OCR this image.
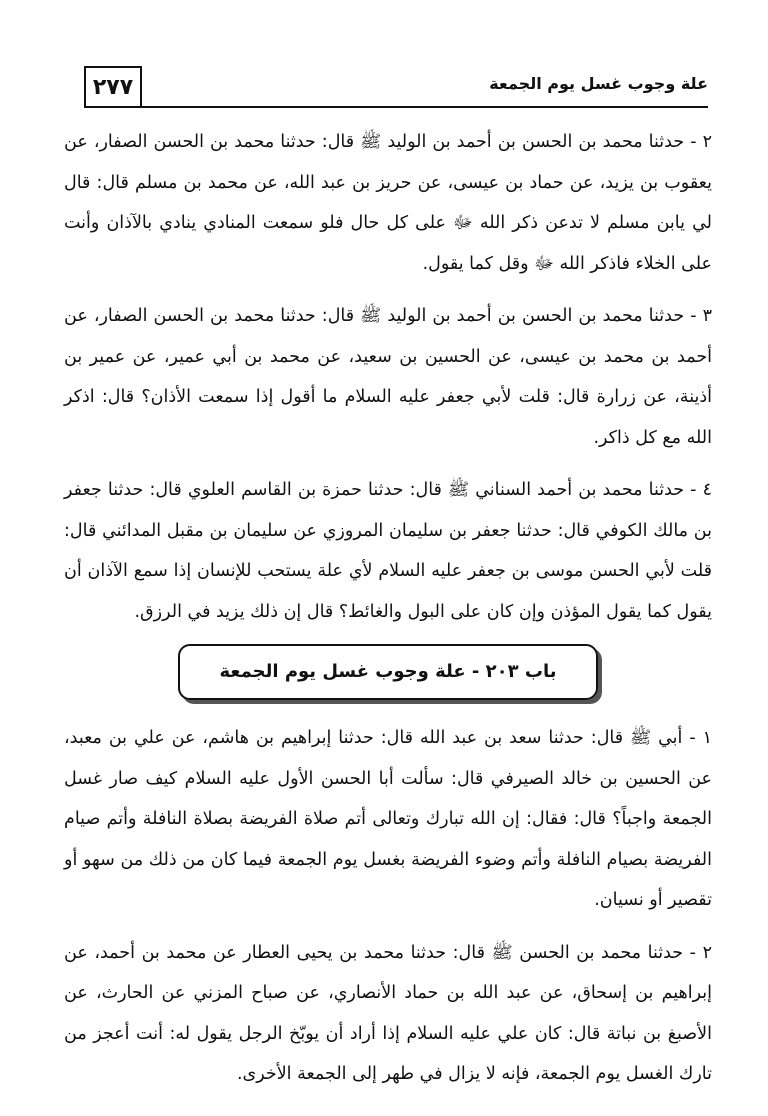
٢٧٧	علة وجوب غسل يوم الجمعة

٢ - حدثنا محمد بن الحسن بن أحمد بن الوليد ﷺ قال: حدثنا محمد بن الحسن الصفار، عن يعقوب بن يزيد، عن حماد بن عيسى، عن حريز بن عبد الله، عن محمد بن مسلم قال: قال لي يابن مسلم لا تدعن ذكر الله ﷻ على كل حال فلو سمعت المنادي ينادي بالآذان وأنت على الخلاء فاذكر الله ﷻ وقل كما يقول.

٣ - حدثنا محمد بن الحسن بن أحمد بن الوليد ﷺ قال: حدثنا محمد بن الحسن الصفار، عن أحمد بن محمد بن عيسى، عن الحسين بن سعيد، عن محمد بن أبي عمير، عن عمير بن أذينة، عن زرارة قال: قلت لأبي جعفر عليه السلام ما أقول إذا سمعت الأذان؟ قال: اذكر الله مع كل ذاكر.

٤ - حدثنا محمد بن أحمد السناني ﷺ قال: حدثنا حمزة بن القاسم العلوي قال: حدثنا جعفر بن مالك الكوفي قال: حدثنا جعفر بن سليمان المروزي عن سليمان بن مقبل المدائني قال: قلت لأبي الحسن موسى بن جعفر عليه السلام لأي علة يستحب للإنسان إذا سمع الآذان أن يقول كما يقول المؤذن وإن كان على البول والغائط؟ قال إن ذلك يزيد في الرزق.

باب ٢٠٣ - علة وجوب غسل يوم الجمعة

١ - أبي ﷺ قال: حدثنا سعد بن عبد الله قال: حدثنا إبراهيم بن هاشم، عن علي بن معبد، عن الحسين بن خالد الصيرفي قال: سألت أبا الحسن الأول عليه السلام كيف صار غسل الجمعة واجباً؟ قال: فقال: إن الله تبارك وتعالى أتم صلاة الفريضة بصلاة النافلة وأتم صيام الفريضة بصيام النافلة وأتم وضوء الفريضة بغسل يوم الجمعة فيما كان من ذلك من سهو أو تقصير أو نسيان.

٢ - حدثنا محمد بن الحسن ﷺ قال: حدثنا محمد بن يحيى العطار عن محمد بن أحمد، عن إبراهيم بن إسحاق، عن عبد الله بن حماد الأنصاري، عن صباح المزني عن الحارث، عن الأصبغ بن نباتة قال: كان علي عليه السلام إذا أراد أن يوبّخ الرجل يقول له: أنت أعجز من تارك الغسل يوم الجمعة، فإنه لا يزال في طهر إلى الجمعة الأخرى.
